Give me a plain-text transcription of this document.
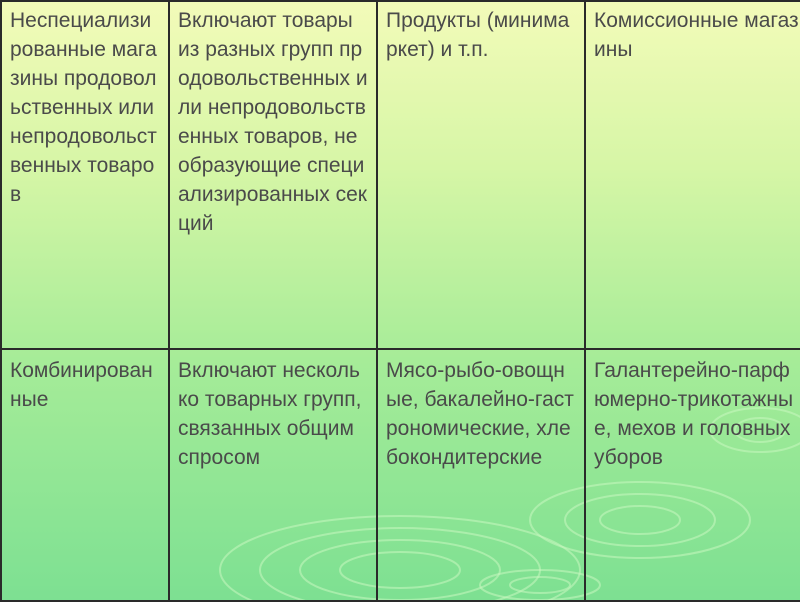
Неспециализированные магазины продовольственных или непродовольственных товаров	Включают товары из разных групп продовольственных или непродовольственных товаров, не образующие специализированных секций	Продукты (минимаркет) и т.п.	Комиссионные магазины
Комбинированные	Включают несколько товарных групп, связанных общим спросом	Мясо-рыбо-овощные, бакалейно-гастрономические, хлебокондитерские	Галантерейно-парфюмерно-трикотажные, мехов и головных уборов
